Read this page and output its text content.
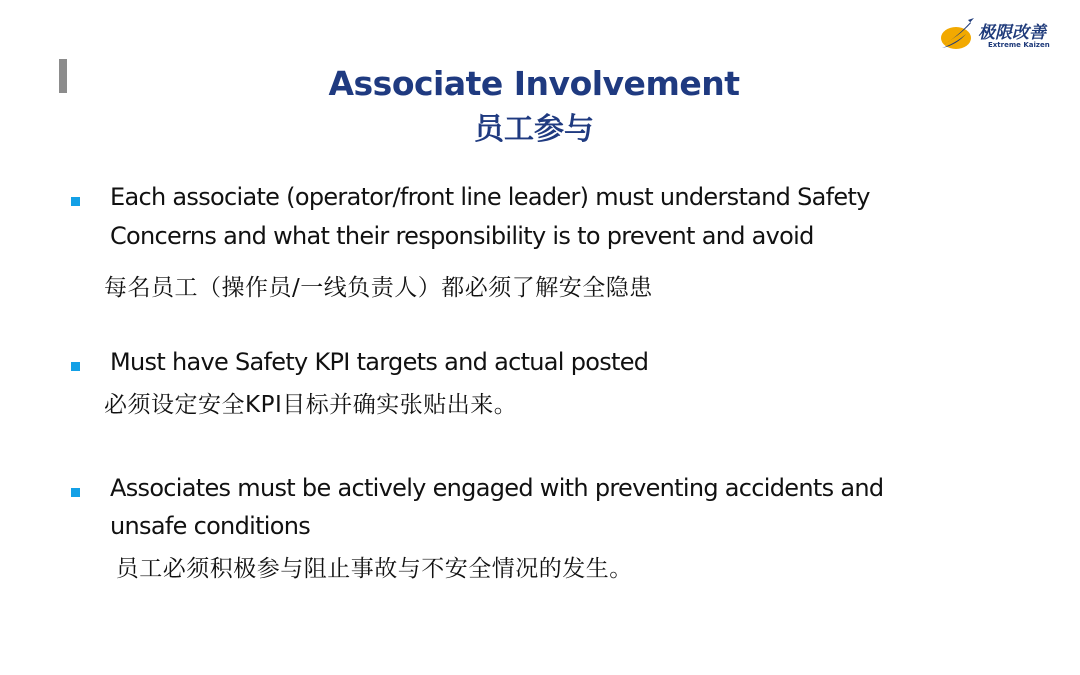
极限改善
Extreme Kaizen
Associate Involvement
员工参与
Each associate (operator/front line leader) must understand Safety
Concerns and what their responsibility is to prevent and avoid
每名员工（操作员/一线负责人）都必须了解安全隐患
Must have Safety KPI targets and actual posted
必须设定安全KPI目标并确实张贴出来。
Associates must be actively engaged with preventing accidents and
unsafe conditions
员工必须积极参与阻止事故与不安全情况的发生。
